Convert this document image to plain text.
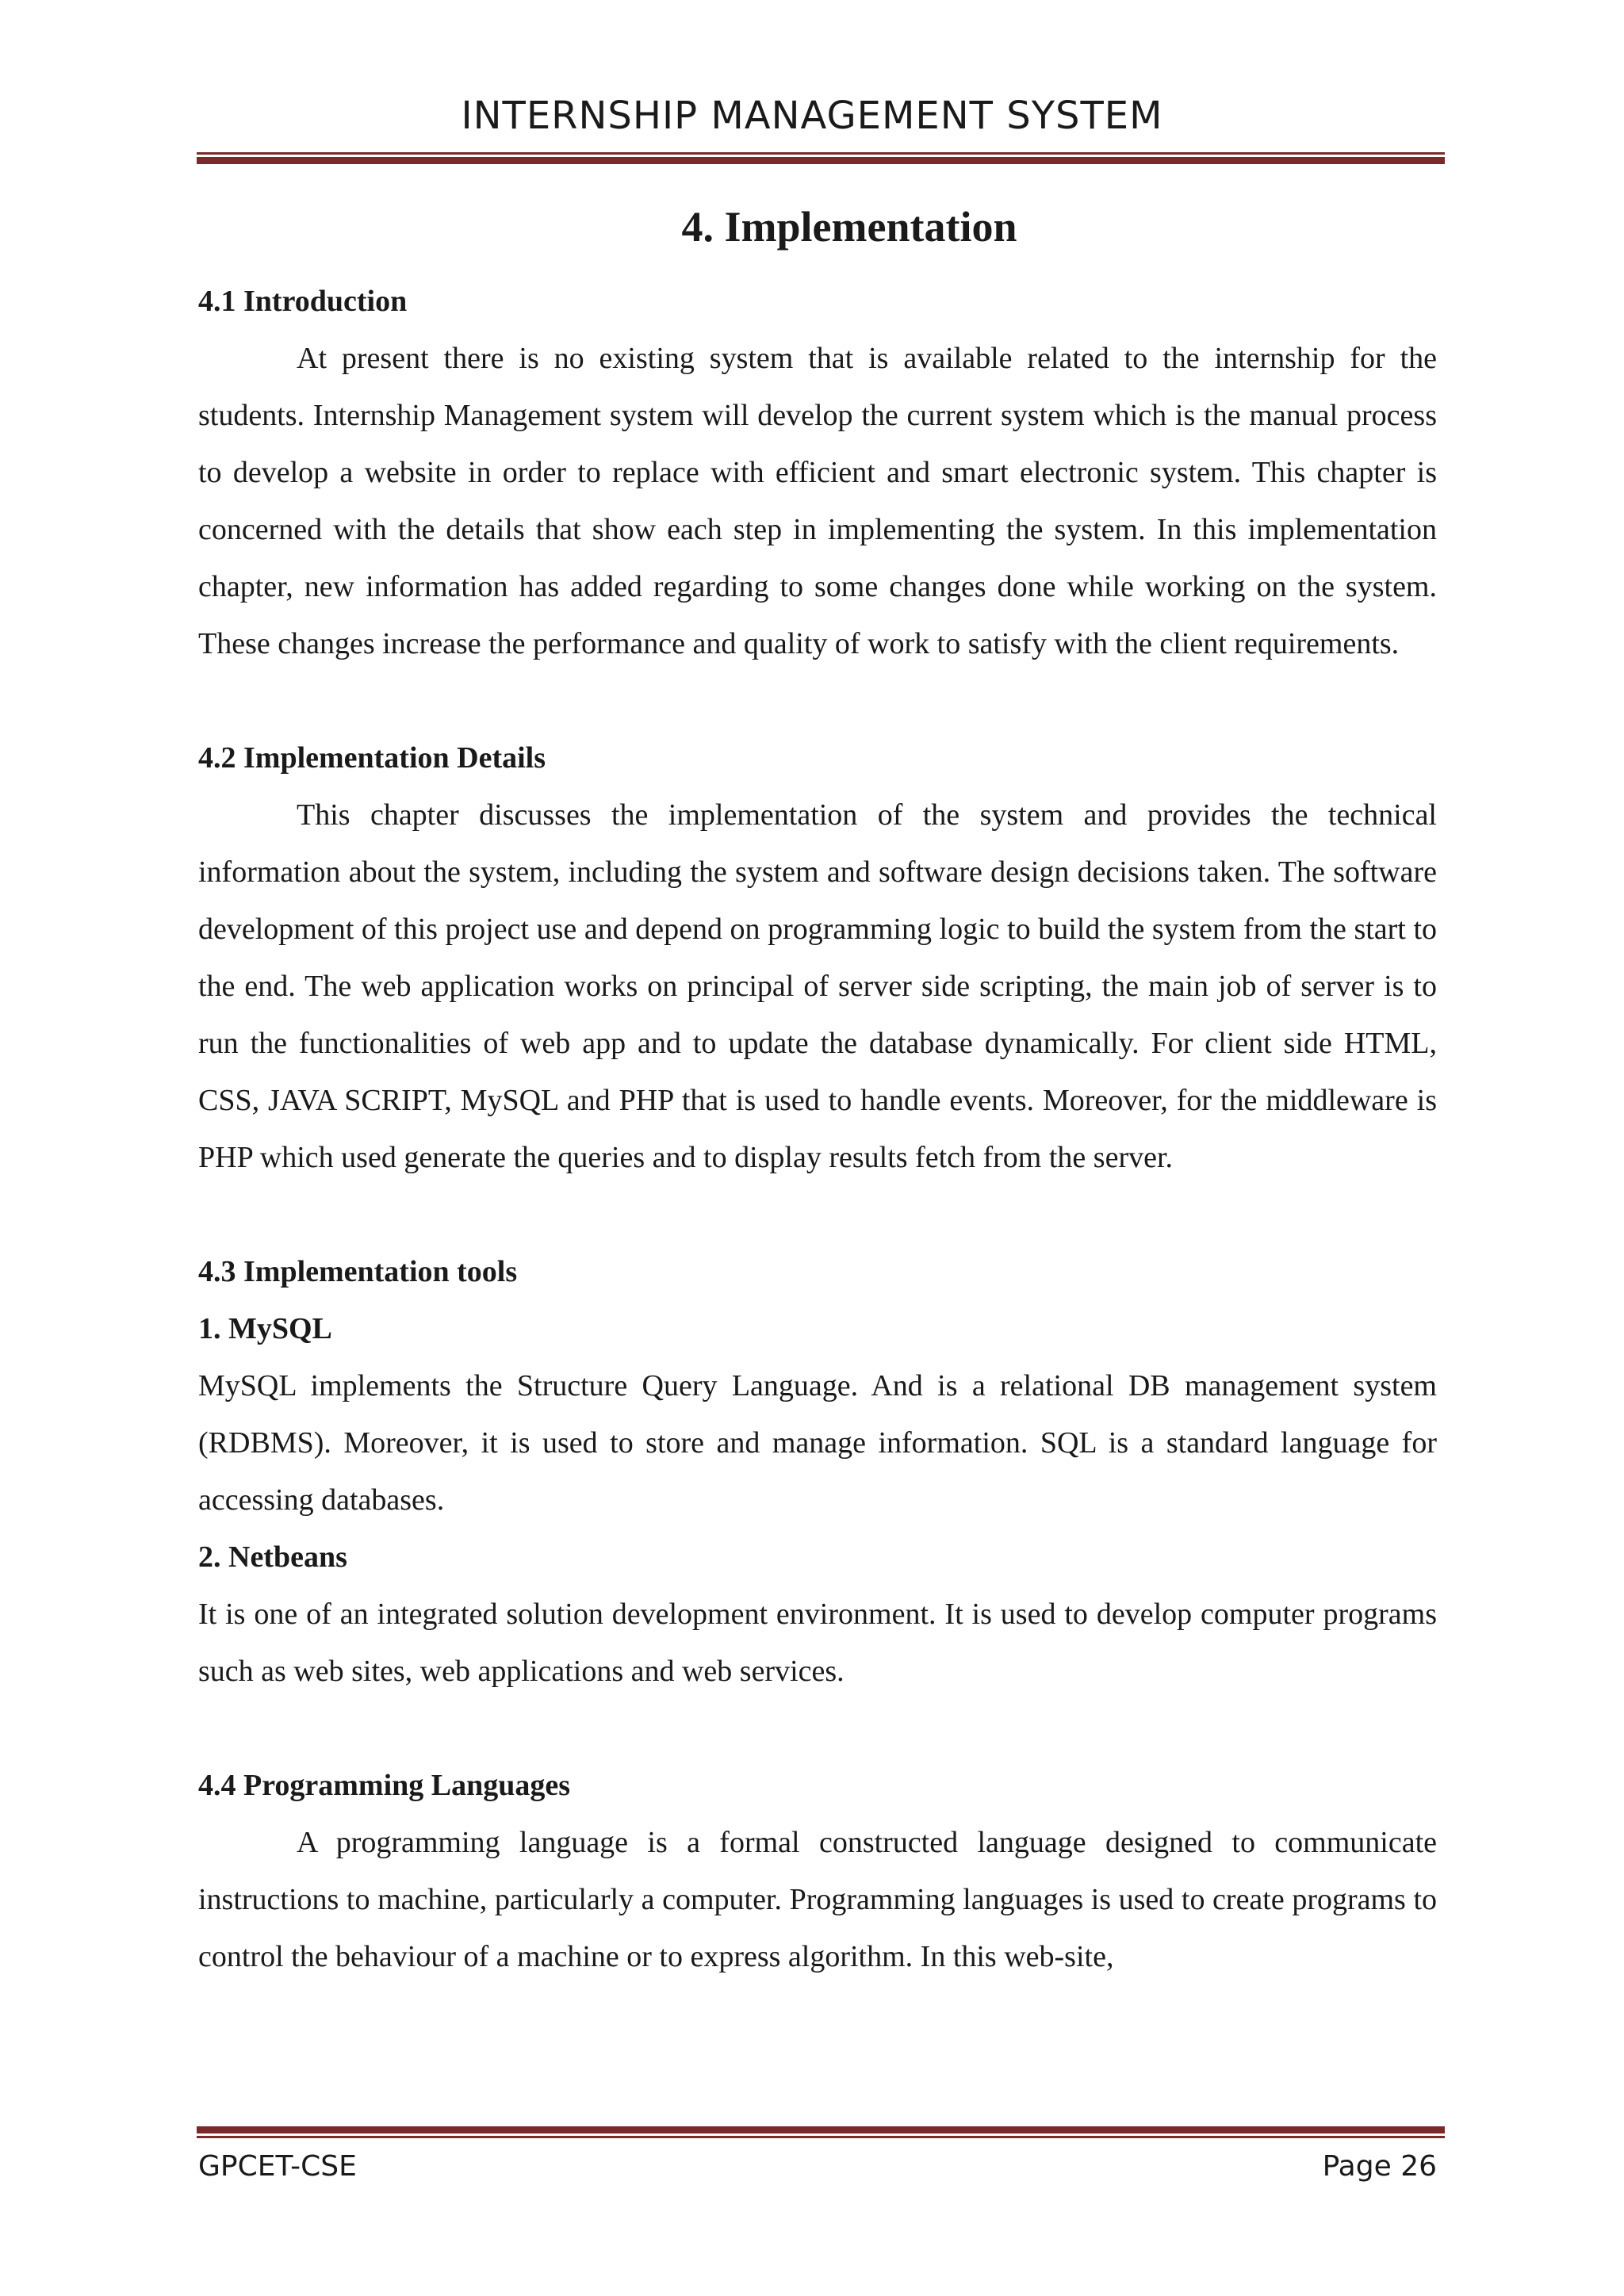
INTERNSHIP MANAGEMENT SYSTEM
4. Implementation

4.1 Introduction

At present there is no existing system that is available related to the internship for the students. Internship Management system will develop the current system which is the manual process to develop a website in order to replace with efficient and smart electronic system. This chapter is concerned with the details that show each step in implementing the system. In this implementation chapter, new information has added regarding to some changes done while working on the system. These changes increase the performance and quality of work to satisfy with the client requirements.

4.2 Implementation Details

This chapter discusses the implementation of the system and provides the technical information about the system, including the system and software design decisions taken. The software development of this project use and depend on programming logic to build the system from the start to the end. The web application works on principal of server side scripting, the main job of server is to run the functionalities of web app and to update the database dynamically. For client side HTML, CSS, JAVA SCRIPT, MySQL and PHP that is used to handle events. Moreover, for the middleware is PHP which used generate the queries and to display results fetch from the server.

4.3 Implementation tools

1. MySQL

MySQL implements the Structure Query Language. And is a relational DB management system (RDBMS). Moreover, it is used to store and manage information. SQL is a standard language for accessing databases.

2. Netbeans

It is one of an integrated solution development environment. It is used to develop computer programs such as web sites, web applications and web services.

4.4 Programming Languages

A programming language is a formal constructed language designed to communicate instructions to machine, particularly a computer. Programming languages is used to create programs to control the behaviour of a machine or to express algorithm. In this web-site,

GPCET-CSE	Page 26
